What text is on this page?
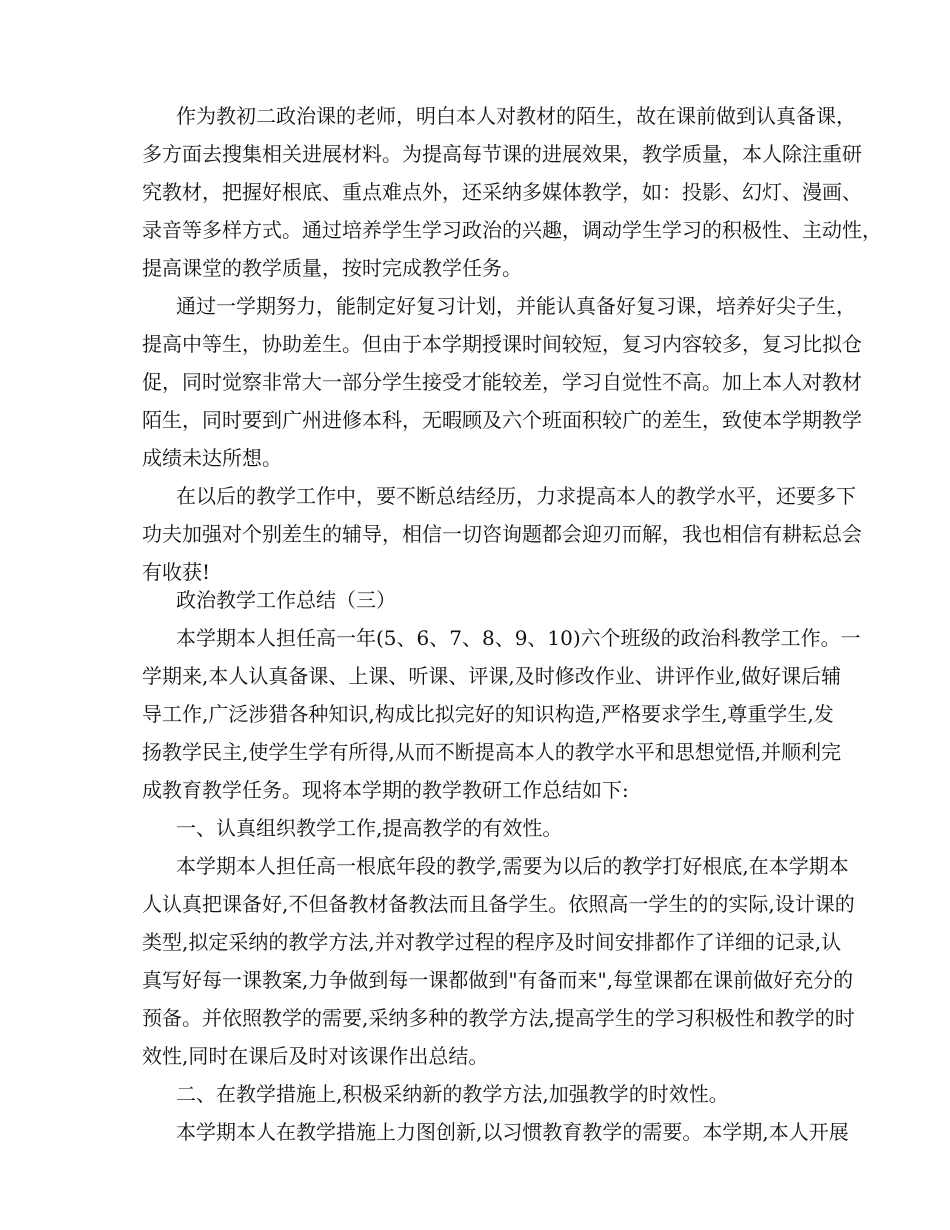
作为教初二政治课的老师，明白本人对教材的陌生，故在课前做到认真备课，
多方面去搜集相关进展材料。为提高每节课的进展效果，教学质量，本人除注重研
究教材，把握好根底、重点难点外，还采纳多媒体教学，如：投影、幻灯、漫画、
录音等多样方式。通过培养学生学习政治的兴趣，调动学生学习的积极性、主动性，
提高课堂的教学质量，按时完成教学任务。
通过一学期努力，能制定好复习计划，并能认真备好复习课，培养好尖子生，
提高中等生，协助差生。但由于本学期授课时间较短，复习内容较多，复习比拟仓
促，同时觉察非常大一部分学生接受才能较差，学习自觉性不高。加上本人对教材
陌生，同时要到广州进修本科，无暇顾及六个班面积较广的差生，致使本学期教学
成绩未达所想。
在以后的教学工作中，要不断总结经历，力求提高本人的教学水平，还要多下
功夫加强对个别差生的辅导，相信一切咨询题都会迎刃而解，我也相信有耕耘总会
有收获!
政治教学工作总结（三）
本学期本人担任高一年(5、6、7、8、9、10)六个班级的政治科教学工作。一
学期来,本人认真备课、上课、听课、评课,及时修改作业、讲评作业,做好课后辅
导工作,广泛涉猎各种知识,构成比拟完好的知识构造,严格要求学生,尊重学生,发
扬教学民主,使学生学有所得,从而不断提高本人的教学水平和思想觉悟,并顺利完
成教育教学任务。现将本学期的教学教研工作总结如下:
一、认真组织教学工作,提高教学的有效性。
本学期本人担任高一根底年段的教学,需要为以后的教学打好根底,在本学期本
人认真把课备好,不但备教材备教法而且备学生。依照高一学生的的实际,设计课的
类型,拟定采纳的教学方法,并对教学过程的程序及时间安排都作了详细的记录,认
真写好每一课教案,力争做到每一课都做到"有备而来",每堂课都在课前做好充分的
预备。并依照教学的需要,采纳多种的教学方法,提高学生的学习积极性和教学的时
效性,同时在课后及时对该课作出总结。
二、在教学措施上,积极采纳新的教学方法,加强教学的时效性。
本学期本人在教学措施上力图创新,以习惯教育教学的需要。本学期,本人开展
